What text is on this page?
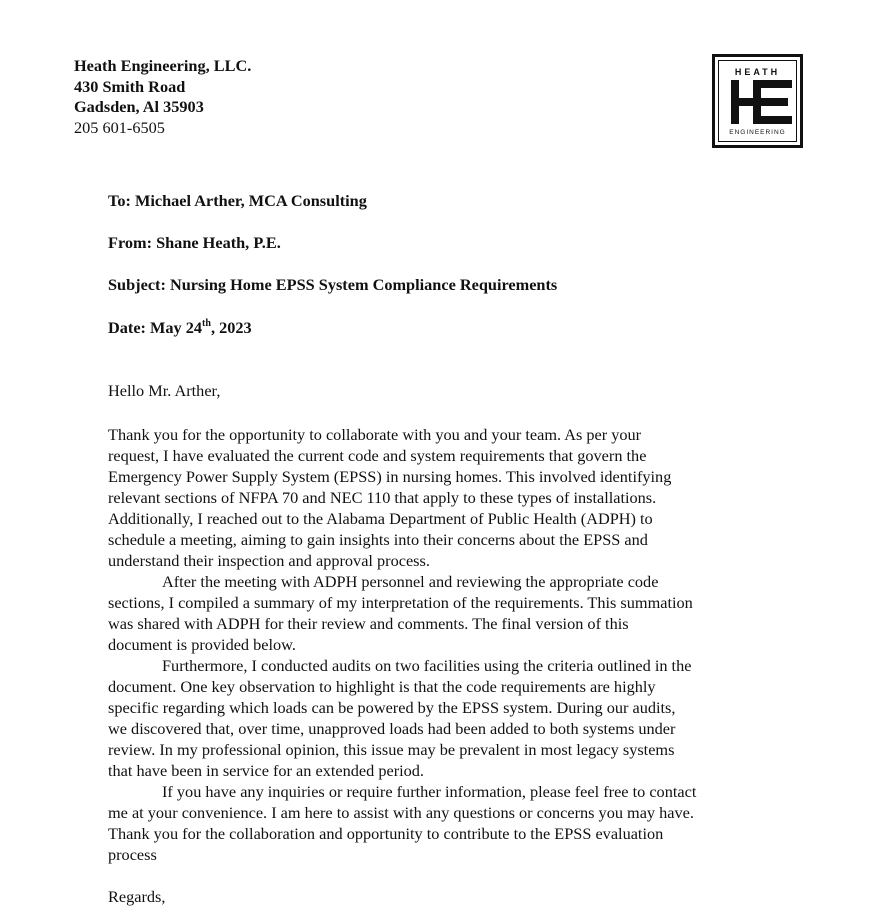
Heath Engineering, LLC.
430 Smith Road
Gadsden, Al 35903
205 601-6505
HEATH
ENGINEERING
To: Michael Arther, MCA Consulting
From: Shane Heath, P.E.
Subject: Nursing Home EPSS System Compliance Requirements
Date: May 24th, 2023
Hello Mr. Arther,

Thank you for the opportunity to collaborate with you and your team. As per your

request, I have evaluated the current code and system requirements that govern the

Emergency Power Supply System (EPSS) in nursing homes. This involved identifying

relevant sections of NFPA 70 and NEC 110 that apply to these types of installations.

Additionally, I reached out to the Alabama Department of Public Health (ADPH) to

schedule a meeting, aiming to gain insights into their concerns about the EPSS and

understand their inspection and approval process.

After the meeting with ADPH personnel and reviewing the appropriate code

sections, I compiled a summary of my interpretation of the requirements. This summation

was shared with ADPH for their review and comments. The final version of this

document is provided below.

Furthermore, I conducted audits on two facilities using the criteria outlined in the

document. One key observation to highlight is that the code requirements are highly

specific regarding which loads can be powered by the EPSS system. During our audits,

we discovered that, over time, unapproved loads had been added to both systems under

review. In my professional opinion, this issue may be prevalent in most legacy systems

that have been in service for an extended period.

If you have any inquiries or require further information, please feel free to contact

me at your convenience. I am here to assist with any questions or concerns you may have.

Thank you for the collaboration and opportunity to contribute to the EPSS evaluation

process

Regards,
